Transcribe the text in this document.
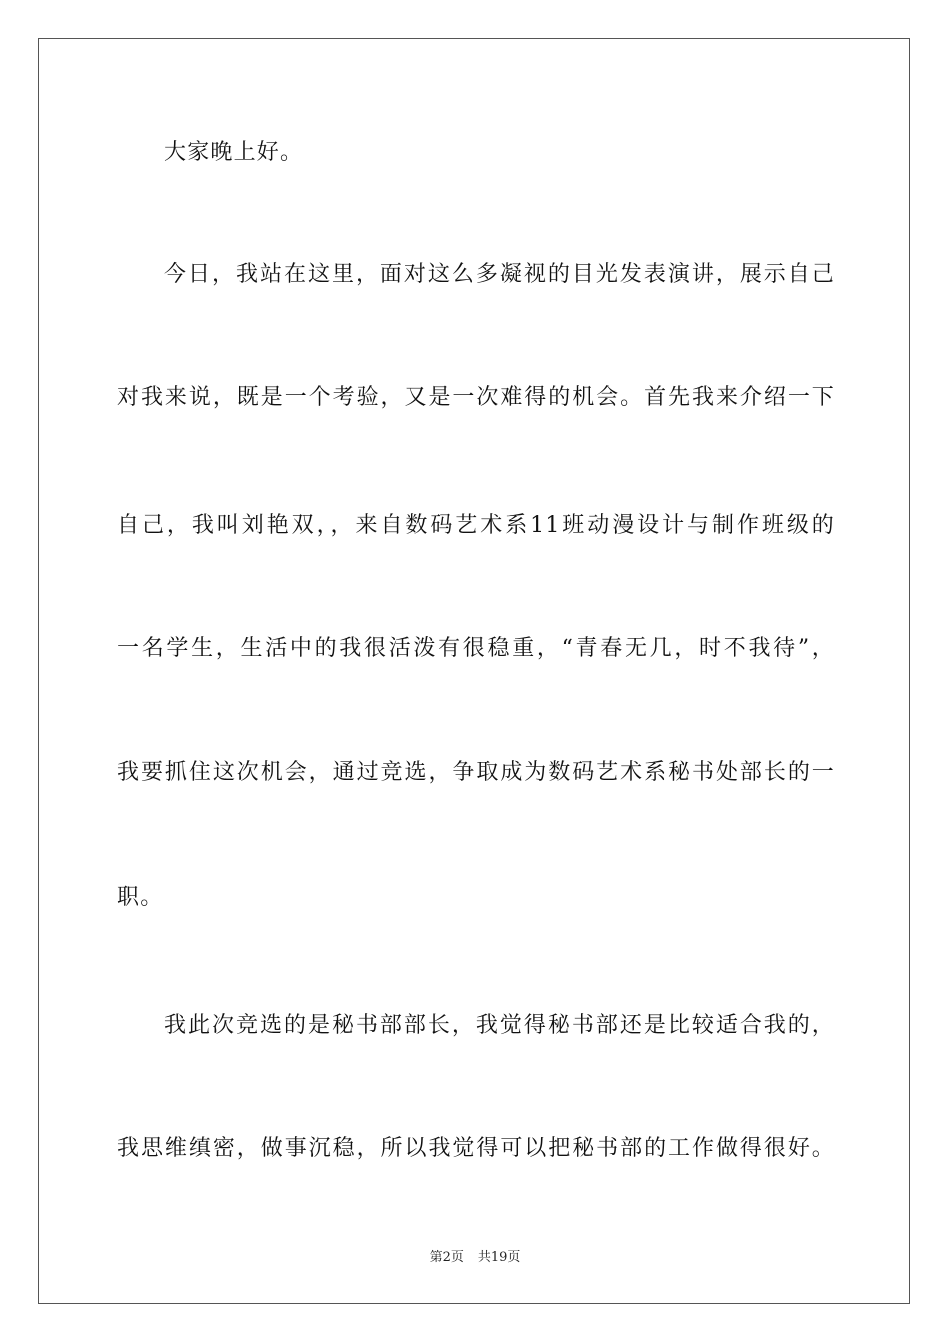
大家晚上好。
今日，我站在这里，面对这么多凝视的目光发表演讲，展示自己
对我来说，既是一个考验，又是一次难得的机会。首先我来介绍一下
自己，我叫刘艳双，，来自数码艺术系11班动漫设计与制作班级的
一名学生，生活中的我很活泼有很稳重，“青春无几，时不我待”，
我要抓住这次机会，通过竞选，争取成为数码艺术系秘书处部长的一
职。
我此次竞选的是秘书部部长，我觉得秘书部还是比较适合我的，
我思维缜密，做事沉稳，所以我觉得可以把秘书部的工作做得很好。
第2页 共19页
